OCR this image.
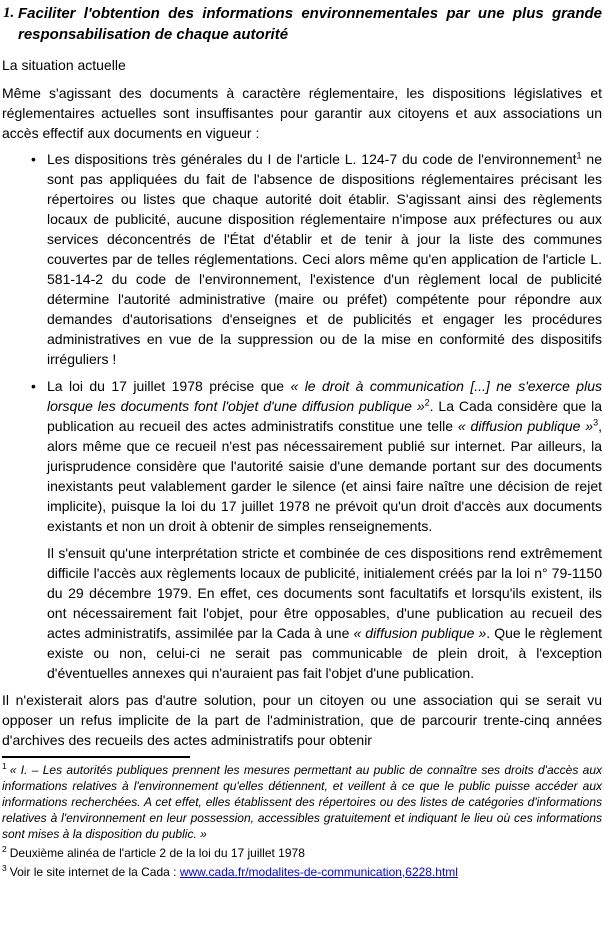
1. Faciliter l'obtention des informations environnementales par une plus grande responsabilisation de chaque autorité
La situation actuelle
Même s'agissant des documents à caractère réglementaire, les dispositions législatives et réglementaires actuelles sont insuffisantes pour garantir aux citoyens et aux associations un accès effectif aux documents en vigueur :
• Les dispositions très générales du I de l'article L. 124-7 du code de l'environnement$^1$ ne sont pas appliquées du fait de l'absence de dispositions réglementaires précisant les répertoires ou listes que chaque autorité doit établir. S'agissant ainsi des règlements locaux de publicité, aucune disposition réglementaire n'impose aux préfectures ou aux services déconcentrés de l'État d'établir et de tenir à jour la liste des communes couvertes par de telles réglementations. Ceci alors même qu'en application de l'article L. 581-14-2 du code de l'environnement, l'existence d'un règlement local de publicité détermine l'autorité administrative (maire ou préfet) compétente pour répondre aux demandes d'autorisations d'enseignes et de publicités et engager les procédures administratives en vue de la suppression ou de la mise en conformité des dispositifs irréguliers !
• La loi du 17 juillet 1978 précise que « le droit à communication [...] ne s'exerce plus lorsque les documents font l'objet d'une diffusion publique »$^2$. La Cada considère que la publication au recueil des actes administratifs constitue une telle « diffusion publique »$^3$, alors même que ce recueil n'est pas nécessairement publié sur internet. Par ailleurs, la jurisprudence considère que l'autorité saisie d'une demande portant sur des documents inexistants peut valablement garder le silence (et ainsi faire naître une décision de rejet implicite), puisque la loi du 17 juillet 1978 ne prévoit qu'un droit d'accès aux documents existants et non un droit à obtenir de simples renseignements.
Il s'ensuit qu'une interprétation stricte et combinée de ces dispositions rend extrêmement difficile l'accès aux règlements locaux de publicité, initialement créés par la loi n° 79-1150 du 29 décembre 1979. En effet, ces documents sont facultatifs et lorsqu'ils existent, ils ont nécessairement fait l'objet, pour être opposables, d'une publication au recueil des actes administratifs, assimilée par la Cada à une « diffusion publique ». Que le règlement existe ou non, celui-ci ne serait pas communicable de plein droit, à l'exception d'éventuelles annexes qui n'auraient pas fait l'objet d'une publication.
Il n'existerait alors pas d'autre solution, pour un citoyen ou une association qui se serait vu opposer un refus implicite de la part de l'administration, que de parcourir trente-cinq années d'archives des recueils des actes administratifs pour obtenir
$^1$ « I. – Les autorités publiques prennent les mesures permettant au public de connaître ses droits d'accès aux informations relatives à l'environnement qu'elles détiennent, et veillent à ce que le public puisse accéder aux informations recherchées. A cet effet, elles établissent des répertoires ou des listes de catégories d'informations relatives à l'environnement en leur possession, accessibles gratuitement et indiquant le lieu où ces informations sont mises à la disposition du public. »
$^2$ Deuxième alinéa de l'article 2 de la loi du 17 juillet 1978
$^3$ Voir le site internet de la Cada : www.cada.fr/modalites-de-communication,6228.html
